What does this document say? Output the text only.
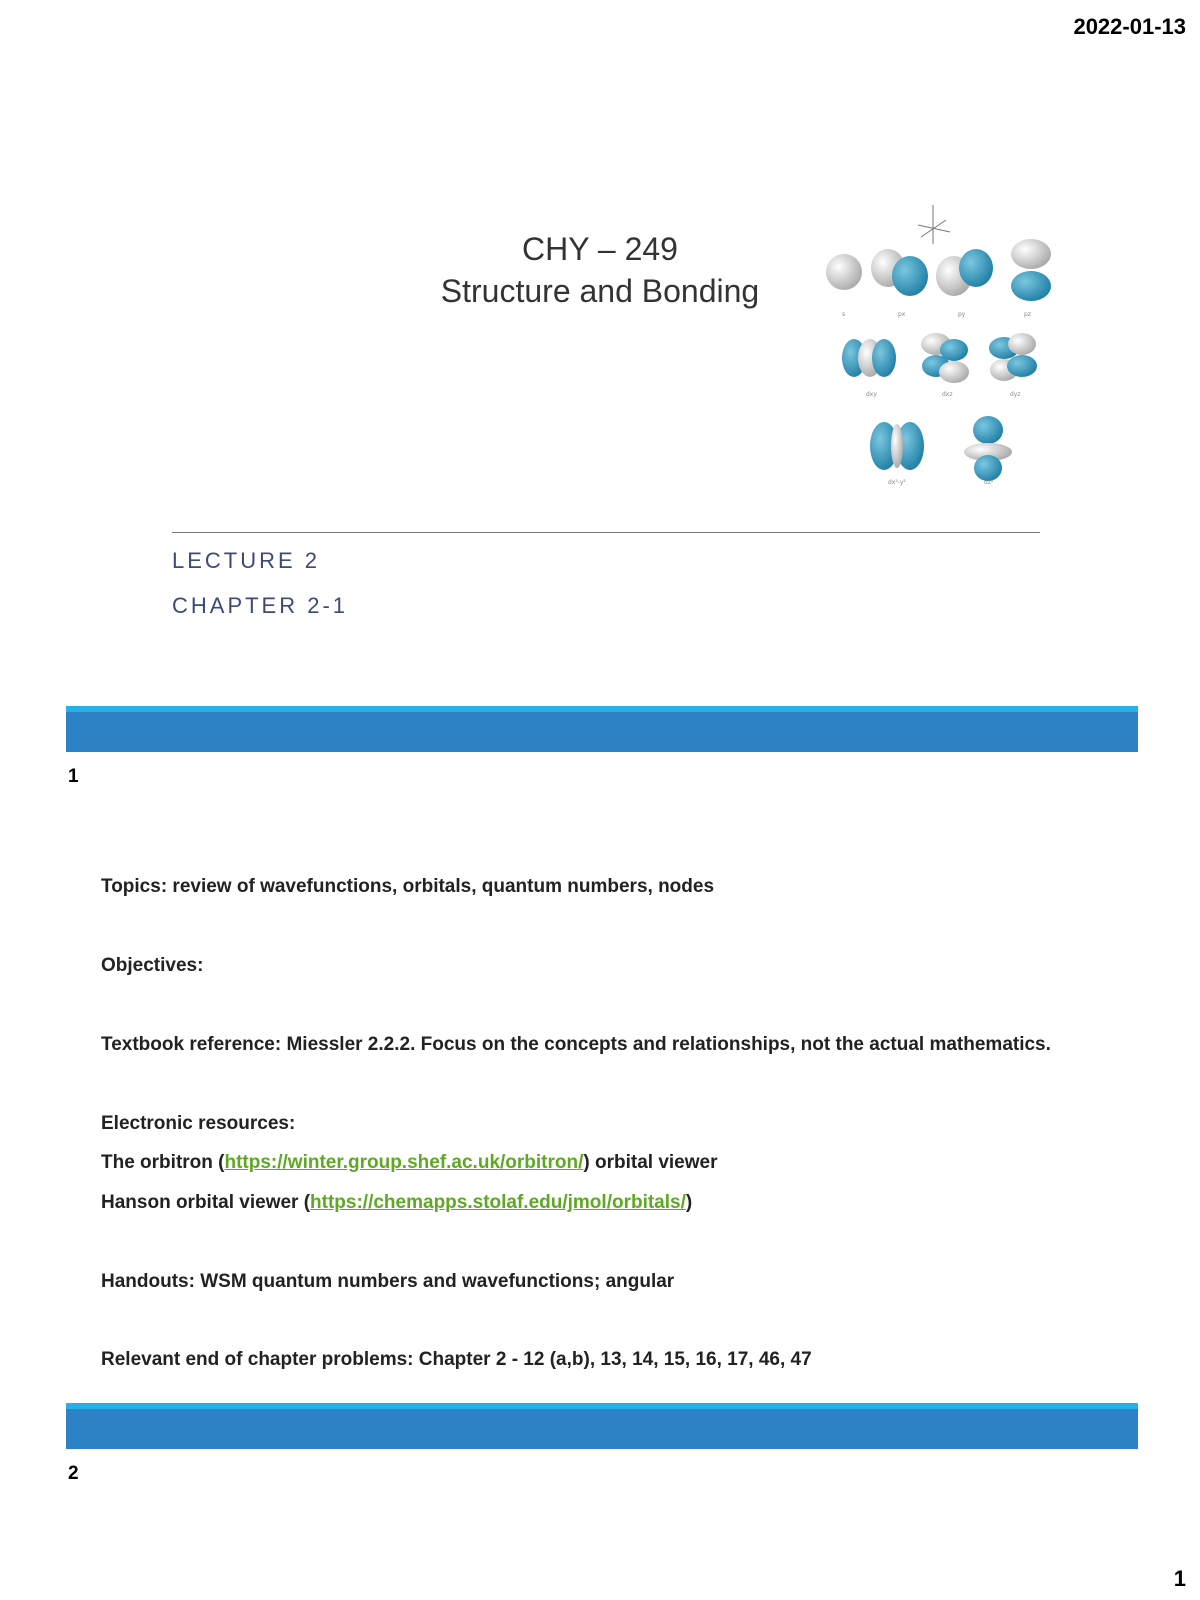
2022-01-13
CHY – 249
Structure and Bonding
s	px	py	pz
dxy	dxz	dyz
dx²-y²	dz²
LECTURE 2
CHAPTER 2-1
1
Topics: review of wavefunctions, orbitals, quantum numbers, nodes
Objectives:
Textbook reference: Miessler 2.2.2. Focus on the concepts and relationships, not the actual mathematics.
Electronic resources:
The orbitron (https://winter.group.shef.ac.uk/orbitron/) orbital viewer
Hanson orbital viewer (https://chemapps.stolaf.edu/jmol/orbitals/)
Handouts: WSM quantum numbers and wavefunctions; angular
Relevant end of chapter problems: Chapter 2 - 12 (a,b), 13, 14, 15, 16, 17, 46, 47
2
1
